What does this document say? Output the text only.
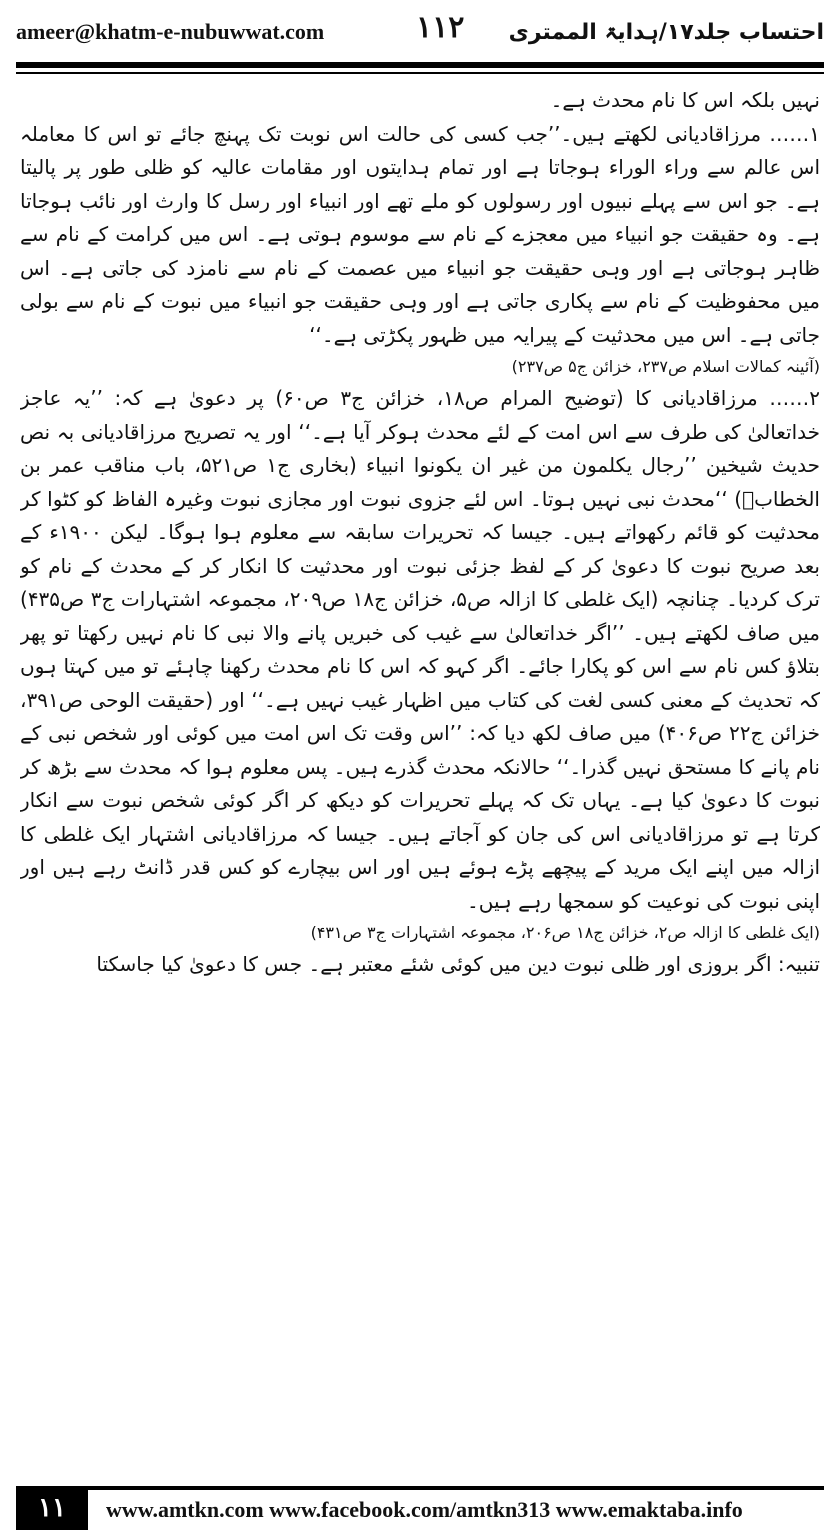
ameer@khatm-e-nubuwwat.com	۱۱۲ احتساب جلد۱۷/ہدایۃ الممتری

نہیں بلکہ اس کا نام محدث ہے۔

۱…… مرزاقادیانی لکھتے ہیں۔’’جب کسی کی حالت اس نوبت تک پہنچ جائے تو اس کا معاملہ اس عالم سے وراء الوراء ہوجاتا ہے اور تمام ہدایتوں اور مقامات عالیہ کو ظلی طور پر پالیتا ہے۔ جو اس سے پہلے نبیوں اور رسولوں کو ملے تھے اور انبیاء اور رسل کا وارث اور نائب ہوجاتا ہے۔ وہ حقیقت جو انبیاء میں معجزے کے نام سے موسوم ہوتی ہے۔ اس میں کرامت کے نام سے ظاہر ہوجاتی ہے اور وہی حقیقت جو انبیاء میں عصمت کے نام سے نامزد کی جاتی ہے۔ اس میں محفوظیت کے نام سے پکاری جاتی ہے اور وہی حقیقت جو انبیاء میں نبوت کے نام سے بولی جاتی ہے۔ اس میں محدثیت کے پیرایہ میں ظہور پکڑتی ہے۔‘‘

(آئینہ کمالات اسلام ص۲۳۷، خزائن ج۵ ص۲۳۷)

۲…… مرزاقادیانی کا (توضیح المرام ص۱۸، خزائن ج۳ ص۶۰) پر دعویٰ ہے کہ: ’’یہ عاجز خداتعالیٰ کی طرف سے اس امت کے لئے محدث ہوکر آیا ہے۔‘‘ اور یہ تصریح مرزاقادیانی بہ نص حدیث شیخین ’’رجال یکلمون من غیر ان یکونوا انبیاء (بخاری ج۱ ص۵۲۱، باب مناقب عمر بن الخطابؓ) ‘‘محدث نبی نہیں ہوتا۔ اس لئے جزوی نبوت اور مجازی نبوت وغیرہ الفاظ کو کٹوا کر محدثیت کو قائم رکھواتے ہیں۔ جیسا کہ تحریرات سابقہ سے معلوم ہوا ہوگا۔ لیکن ۱۹۰۰ء کے بعد صریح نبوت کا دعویٰ کر کے لفظ جزئی نبوت اور محدثیت کا انکار کر کے محدث کے نام کو ترک کردیا۔ چنانچہ (ایک غلطی کا ازالہ ص۵، خزائن ج۱۸ ص۲۰۹، مجموعہ اشتہارات ج۳ ص۴۳۵) میں صاف لکھتے ہیں۔ ’’اگر خداتعالیٰ سے غیب کی خبریں پانے والا نبی کا نام نہیں رکھتا تو پھر بتلاؤ کس نام سے اس کو پکارا جائے۔ اگر کہو کہ اس کا نام محدث رکھنا چاہئے تو میں کہتا ہوں کہ تحدیث کے معنی کسی لغت کی کتاب میں اظہار غیب نہیں ہے۔‘‘ اور (حقیقت الوحی ص۳۹۱، خزائن ج۲۲ ص۴۰۶) میں صاف لکھ دیا کہ: ’’اس وقت تک اس امت میں کوئی اور شخص نبی کے نام پانے کا مستحق نہیں گذرا۔‘‘ حالانکہ محدث گذرے ہیں۔ پس معلوم ہوا کہ محدث سے بڑھ کر نبوت کا دعویٰ کیا ہے۔ یہاں تک کہ پہلے تحریرات کو دیکھ کر اگر کوئی شخص نبوت سے انکار کرتا ہے تو مرزاقادیانی اس کی جان کو آجاتے ہیں۔ جیسا کہ مرزاقادیانی اشتہار ایک غلطی کا ازالہ میں اپنے ایک مرید کے پیچھے پڑے ہوئے ہیں اور اس بیچارے کو کس قدر ڈانٹ رہے ہیں اور اپنی نبوت کی نوعیت کو سمجھا رہے ہیں۔

(ایک غلطی کا ازالہ ص۲، خزائن ج۱۸ ص۲۰۶، مجموعہ اشتہارات ج۳ ص۴۳۱)

تنبیہ: اگر بروزی اور ظلی نبوت دین میں کوئی شئے معتبر ہے۔ جس کا دعویٰ کیا جاسکتا

۱۱	www.amtkn.com www.facebook.com/amtkn313 www.emaktaba.info
